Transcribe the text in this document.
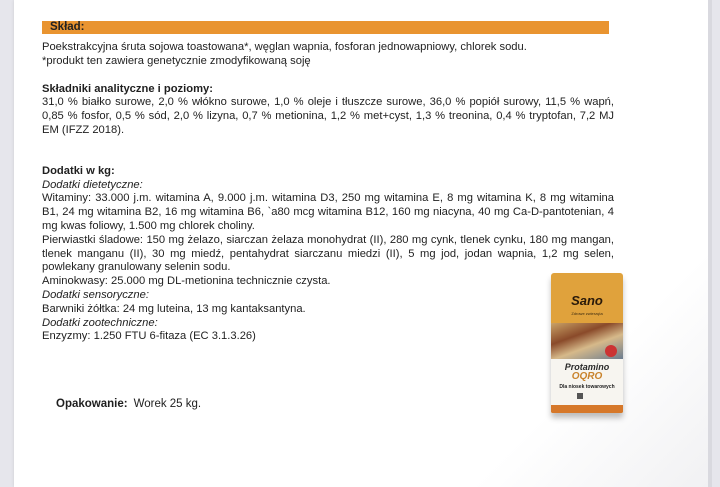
Skład:

Poekstrakcyjna śruta sojowa toastowana*, węglan wapnia, fosforan jednowapniowy, chlorek sodu.

*produkt ten zawiera genetycznie zmodyfikowaną soję

Składniki analityczne i poziomy:

31,0 % białko surowe, 2,0 % włókno surowe, 1,0 % oleje i tłuszcze surowe, 36,0 % popiół surowy, 11,5 % wapń, 0,85 % fosfor, 0,5 % sód, 2,0 % lizyna, 0,7 % metionina, 1,2 % met+cyst, 1,3 % treonina, 0,4 % tryptofan, 7,2 MJ EM (IFZZ 2018).

Dodatki w kg:

Dodatki dietetyczne:

Witaminy: 33.000 j.m. witamina A, 9.000 j.m. witamina D3, 250 mg witamina E, 8 mg witamina K, 8 mg witamina B1, 24 mg witamina B2, 16 mg witamina B6, `a80 mcg witamina B12, 160 mg niacyna, 40 mg Ca-D-pantotenian, 4 mg kwas foliowy, 1.500 mg chlorek choliny.

Pierwiastki śladowe: 150 mg żelazo, siarczan żelaza monohydrat (II), 280 mg cynk, tlenek cynku, 180 mg mangan, tlenek manganu (II), 30 mg miedź, pentahydrat siarczanu miedzi (II), 5 mg jod, jodan wapnia, 1,2 mg selen, powlekany granulowany selenin sodu.

Aminokwasy: 25.000 mg DL-metionina technicznie czysta.

Dodatki sensoryczne:

Barwniki żółtka: 24 mg luteina, 13 mg kantaksantyna.

Dodatki zootechniczne:

Enzyzmy: 1.250 FTU 6-fitaza (EC 3.1.3.26)

Opakowanie: Worek 25 kg.
Sano
Zdrowe zwierzęta
Protamino
OQRO
Dla niosek towarowych
